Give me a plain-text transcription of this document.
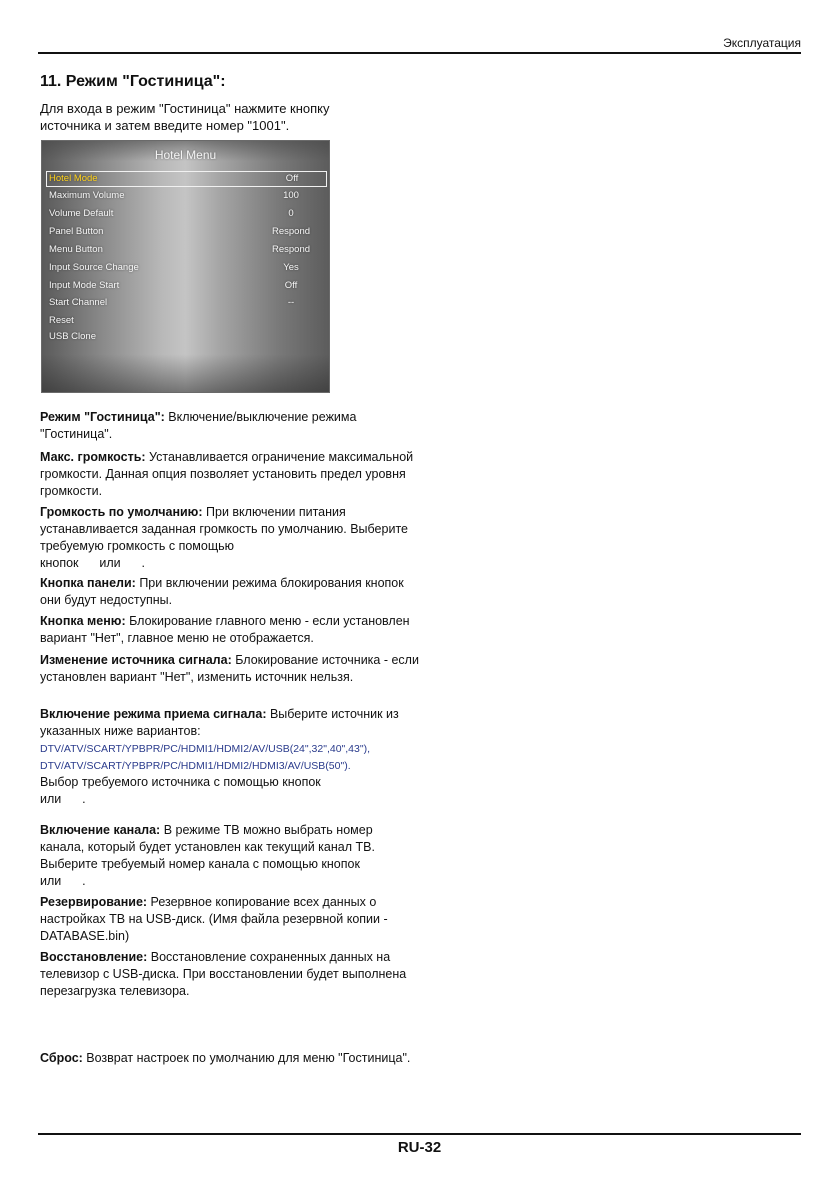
Эксплуатация
11. Режим "Гостиница":
Для входа в режим "Гостиница" нажмите кнопку источника и затем введите номер "1001".
Hotel Menu
Hotel Mode	Off
Maximum Volume	100
Volume Default	0
Panel Button	Respond
Menu Button	Respond
Input Source Change	Yes
Input Mode Start	Off
Start Channel	--
Reset
USB Clone
Режим "Гостиница": Включение/выключение режима "Гостиница".
Макс. громкость: Устанавливается ограничение максимальной громкости. Данная опция позволяет установить предел уровня громкости.
Громкость по умолчанию: При включении питания устанавливается заданная громкость по умолчанию. Выберите требуемую громкость с помощью
кнопок      или      .
Кнопка панели: При включении режима блокирования кнопок они будут недоступны.
Кнопка меню: Блокирование главного меню - если установлен вариант "Нет", главное меню не отображается.
Изменение источника сигнала: Блокирование источника - если установлен вариант "Нет", изменить источник нельзя.
Включение режима приема сигнала: Выберите источник из указанных ниже вариантов:
DTV/ATV/SCART/YPBPR/PC/HDMI1/HDMI2/AV/USB(24",32",40",43"),
DTV/ATV/SCART/YPBPR/PC/HDMI1/HDMI2/HDMI3/AV/USB(50").
Выбор требуемого источника с помощью кнопок
или      .
Включение канала: В режиме ТВ можно выбрать номер канала, который будет установлен как текущий канал ТВ. Выберите требуемый номер канала с помощью кнопок
или      .
Резервирование: Резервное копирование всех данных о настройках ТВ на USB-диск. (Имя файла резервной копии - DATABASE.bin)
Восстановление: Восстановление сохраненных данных на телевизор с USB-диска. При восстановлении будет выполнена перезагрузка телевизора.
Сброс: Возврат настроек по умолчанию для меню "Гостиница".
RU-32
